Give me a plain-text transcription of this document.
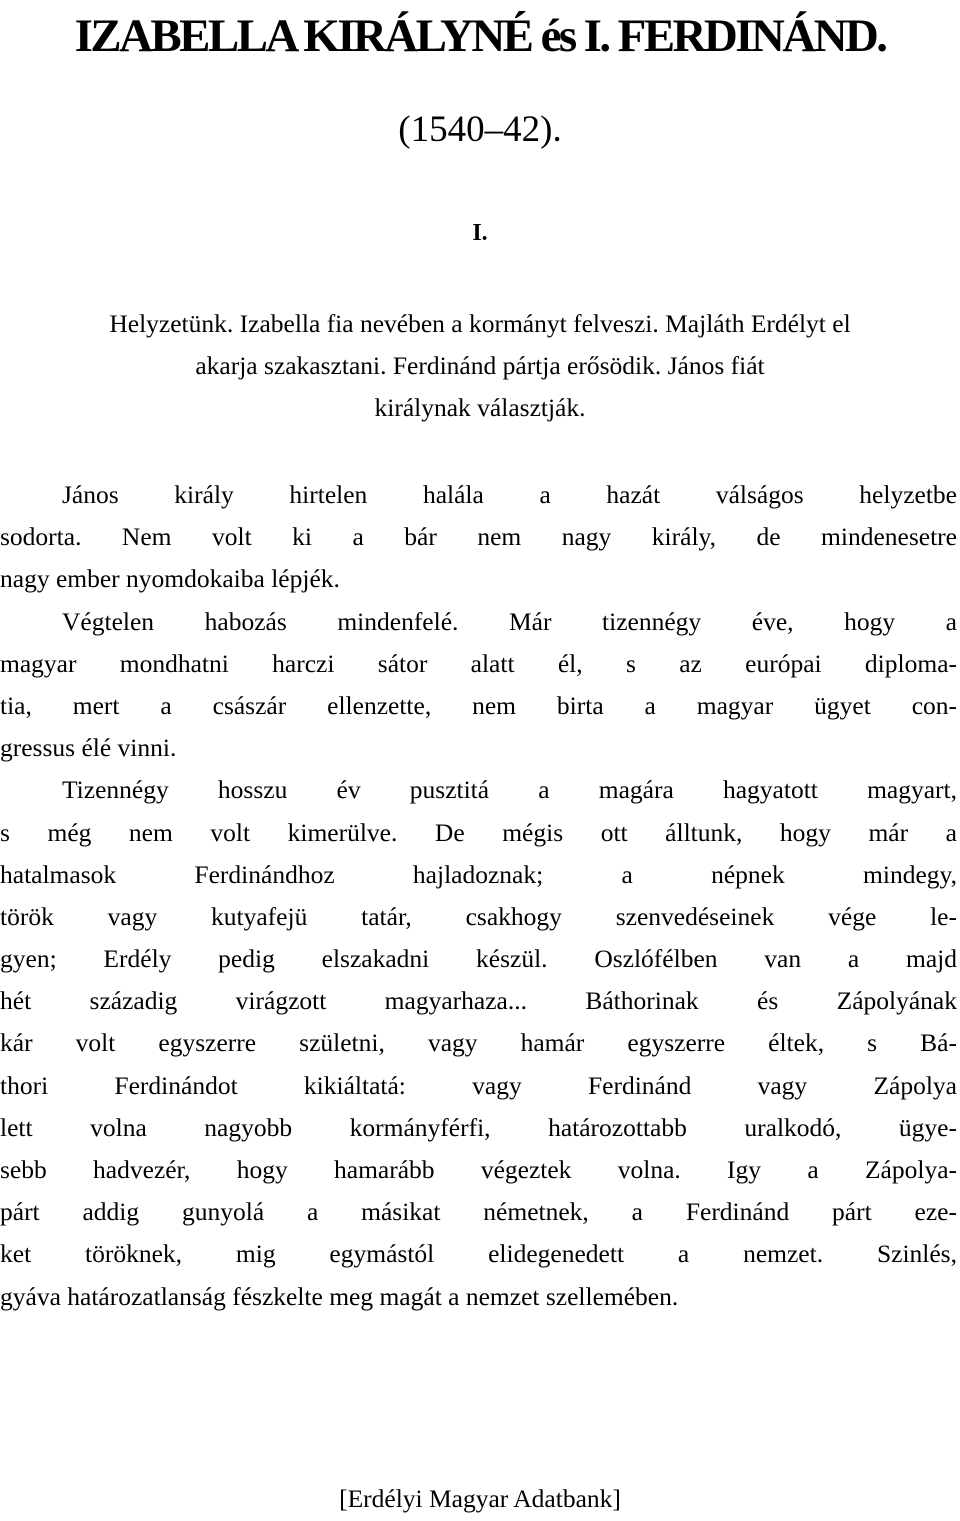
IZABELLA KIRÁLYNÉ és I. FERDINÁND.
(1540–42).
I.
Helyzetünk. Izabella fia nevében a kormányt felveszi. Majláth Erdélyt el
akarja szakasztani. Ferdinánd pártja erősödik. János fiát
királynak választják.
János király hirtelen halála a hazát válságos helyzetbe
sodorta. Nem volt ki a bár nem nagy király, de mindenesetre
nagy ember nyomdokaiba lépjék.
Végtelen habozás mindenfelé. Már tizennégy éve, hogy a
magyar mondhatni harczi sátor alatt él, s az európai diploma-
tia, mert a császár ellenzette, nem birta a magyar ügyet con-
gressus élé vinni.
Tizennégy hosszu év pusztitá a magára hagyatott magyart,
s még nem volt kimerülve. De mégis ott álltunk, hogy már a
hatalmasok Ferdinándhoz hajladoznak; a népnek mindegy,
török vagy kutyafejü tatár, csakhogy szenvedéseinek vége le-
gyen; Erdély pedig elszakadni készül. Oszlófélben van a majd
hét századig virágzott magyarhaza... Báthorinak és Zápolyának
kár volt egyszerre születni, vagy hamár egyszerre éltek, s Bá-
thori Ferdinándot kikiáltatá: vagy Ferdinánd vagy Zápolya
lett volna nagyobb kormányférfi, határozottabb uralkodó, ügye-
sebb hadvezér, hogy hamarább végeztek volna. Igy a Zápolya-
párt addig gunyolá a másikat németnek, a Ferdinánd párt eze-
ket töröknek, mig egymástól elidegenedett a nemzet. Szinlés,
gyáva határozatlanság fészkelte meg magát a nemzet szellemében.
[Erdélyi Magyar Adatbank]
